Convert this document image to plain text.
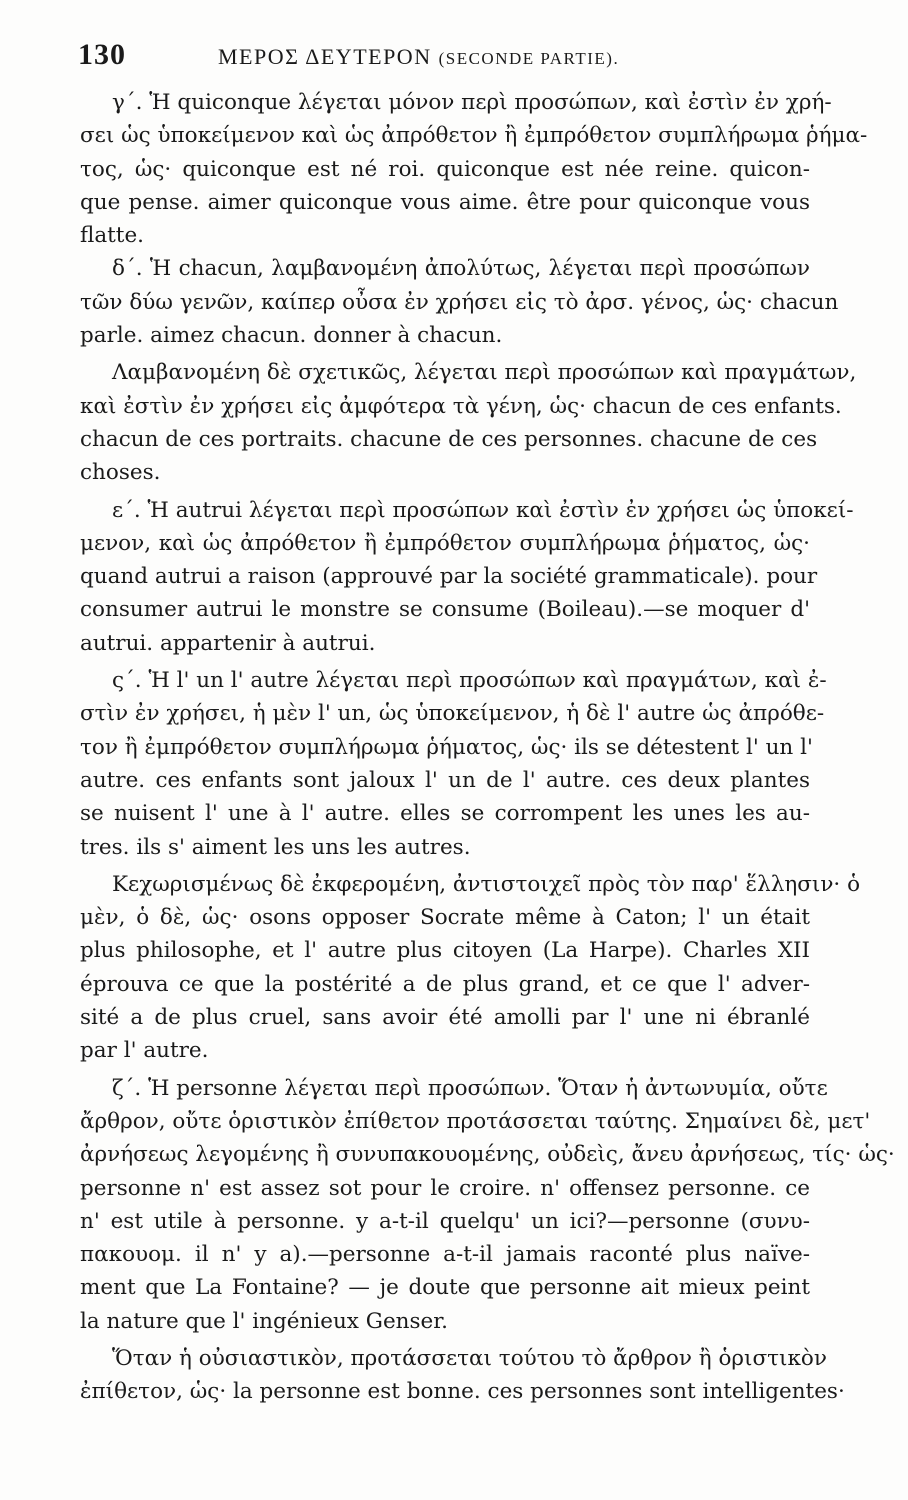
130	ΜΕΡΟΣ ΔΕΥΤΕΡΟΝ (SECONDE PARTIE).
γ΄. Ἡ quiconque λέγεται μόνον περὶ προσώπων, καὶ ἐστὶν ἐν χρή-
σει ὡς ὑποκείμενον καὶ ὡς ἀπρόθετον ἢ ἐμπρόθετον συμπλήρωμα ῥήμα-
τος, ὡς· quiconque est né roi. quiconque est née reine. quicon-
que pense. aimer quiconque vous aime. être pour quiconque vous
flatte.
δ΄. Ἡ chacun, λαμβανομένη ἀπολύτως, λέγεται περὶ προσώπων
τῶν δύω γενῶν, καίπερ οὖσα ἐν χρήσει εἰς τὸ ἀρσ. γένος, ὡς· chacun
parle. aimez chacun. donner à chacun.
Λαμβανομένη δὲ σχετικῶς, λέγεται περὶ προσώπων καὶ πραγμάτων,
καὶ ἐστὶν ἐν χρήσει εἰς ἀμφότερα τὰ γένη, ὡς· chacun de ces enfants.
chacun de ces portraits. chacune de ces personnes. chacune de ces
choses.
ε΄. Ἡ autrui λέγεται περὶ προσώπων καὶ ἐστὶν ἐν χρήσει ὡς ὑποκεί-
μενον, καὶ ὡς ἀπρόθετον ἢ ἐμπρόθετον συμπλήρωμα ῥήματος, ὡς·
quand autrui a raison (approuvé par la société grammaticale). pour
consumer autrui le monstre se consume (Boileau).—se moquer d'
autrui. appartenir à autrui.
ς΄. Ἡ l' un l' autre λέγεται περὶ προσώπων καὶ πραγμάτων, καὶ ἐ-
στὶν ἐν χρήσει, ἡ μὲν l' un, ὡς ὑποκείμενον, ἡ δὲ l' autre ὡς ἀπρόθε-
τον ἢ ἐμπρόθετον συμπλήρωμα ῥήματος, ὡς· ils se détestent l' un l'
autre. ces enfants sont jaloux l' un de l' autre. ces deux plantes
se nuisent l' une à l' autre. elles se corrompent les unes les au-
tres. ils s' aiment les uns les autres.
Κεχωρισμένως δὲ ἐκφερομένη, ἀντιστοιχεῖ πρὸς τὸν παρ' ἕλλησιν· ὁ
μὲν, ὁ δὲ, ὡς· osons opposer Socrate même à Caton; l' un était
plus philosophe, et l' autre plus citoyen (La Harpe). Charles XII
éprouva ce que la postérité a de plus grand, et ce que l' adver-
sité a de plus cruel, sans avoir été amolli par l' une ni ébranlé
par l' autre.
ζ΄. Ἡ personne λέγεται περὶ προσώπων. Ὅταν ἡ ἀντωνυμία, οὔτε
ἄρθρον, οὔτε ὁριστικὸν ἐπίθετον προτάσσεται ταύτης. Σημαίνει δὲ, μετ'
ἀρνήσεως λεγομένης ἢ συνυπακουομένης, οὐδεὶς, ἄνευ ἀρνήσεως, τίς· ὡς·
personne n' est assez sot pour le croire. n' offensez personne. ce
n' est utile à personne. y a-t-il quelqu' un ici?—personne (συνυ-
πακουομ. il n' y a).—personne a-t-il jamais raconté plus naïve-
ment que La Fontaine? — je doute que personne ait mieux peint
la nature que l' ingénieux Genser.
Ὅταν ἡ οὐσιαστικὸν, προτάσσεται τούτου τὸ ἄρθρον ἢ ὁριστικὸν
ἐπίθετον, ὡς· la personne est bonne. ces personnes sont intelligentes·
